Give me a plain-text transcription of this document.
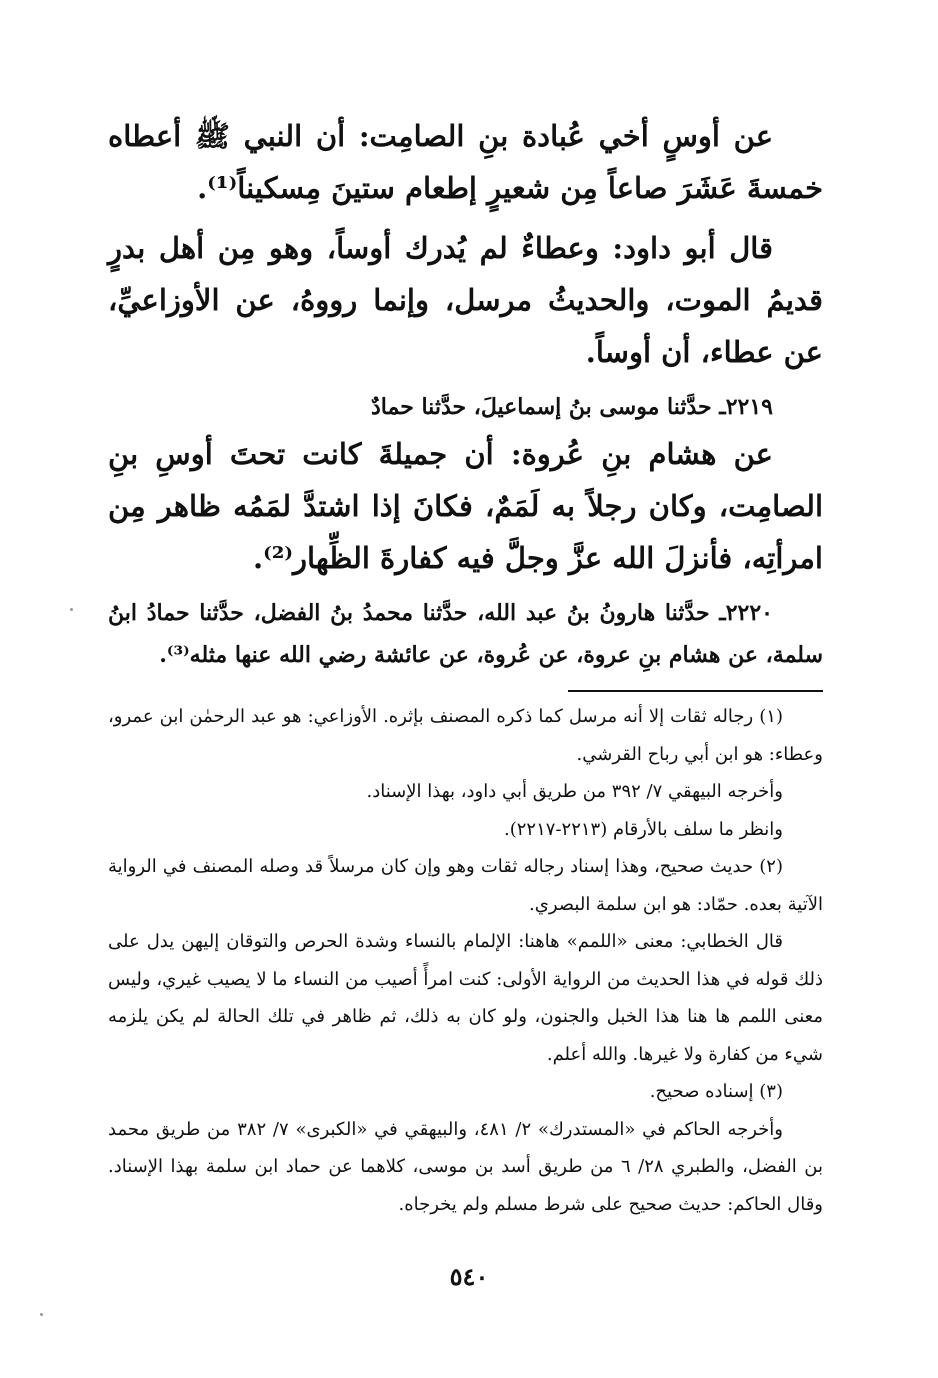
عن أوسٍ أخي عُبادة بنِ الصامِت: أن النبي ﷺ أعطاه خمسةَ عَشَرَ صاعاً مِن شعيرٍ إطعام ستينَ مِسكيناً⁽¹⁾.

قال أبو داود: وعطاءٌ لم يُدرك أوساً، وهو مِن أهل بدرٍ قديمُ الموت، والحديثُ مرسل، وإنما رووهُ، عن الأوزاعيِّ، عن عطاء، أن أوساً.

٢٢١٩ـ حدَّثنا موسى بنُ إسماعيلَ، حدَّثنا حمادٌ

عن هشام بنِ عُروة: أن جميلةَ كانت تحتَ أوسِ بنِ الصامِت، وكان رجلاً به لَمَمٌ، فكانَ إذا اشتدَّ لمَمُه ظاهر مِن امرأتِه، فأنزلَ الله عزَّ وجلَّ فيه كفارةَ الظِّهار⁽²⁾.

٢٢٢٠ـ حدَّثنا هارونُ بنُ عبد الله، حدَّثنا محمدُ بنُ الفضل، حدَّثنا حمادُ ابنُ سلمة، عن هشام بنِ عروة، عن عُروة، عن عائشة رضي الله عنها مثله⁽³⁾.

(١) رجاله ثقات إلا أنه مرسل كما ذكره المصنف بإثره. الأوزاعي: هو عبد الرحمٰن ابن عمرو، وعطاء: هو ابن أبي رباح القرشي.

وأخرجه البيهقي ٧/ ٣٩٢ من طريق أبي داود، بهذا الإسناد.

وانظر ما سلف بالأرقام (٢٢١٣-٢٢١٧).

(٢) حديث صحيح، وهذا إسناد رجاله ثقات وهو وإن كان مرسلاً قد وصله المصنف في الرواية الآتية بعده. حمّاد: هو ابن سلمة البصري.

قال الخطابي: معنى «اللمم» هاهنا: الإلمام بالنساء وشدة الحرص والتوقان إليهن يدل على ذلك قوله في هذا الحديث من الرواية الأولى: كنت امرأً أصيب من النساء ما لا يصيب غيري، وليس معنى اللمم ها هنا هذا الخبل والجنون، ولو كان به ذلك، ثم ظاهر في تلك الحالة لم يكن يلزمه شيء من كفارة ولا غيرها. والله أعلم.

(٣) إسناده صحيح.

وأخرجه الحاكم في «المستدرك» ٢/ ٤٨١، والبيهقي في «الكبرى» ٧/ ٣٨٢ من طريق محمد بن الفضل، والطبري ٢٨/ ٦ من طريق أسد بن موسى، كلاهما عن حماد ابن سلمة بهذا الإسناد. وقال الحاكم: حديث صحيح على شرط مسلم ولم يخرجاه.

٥٤٠
